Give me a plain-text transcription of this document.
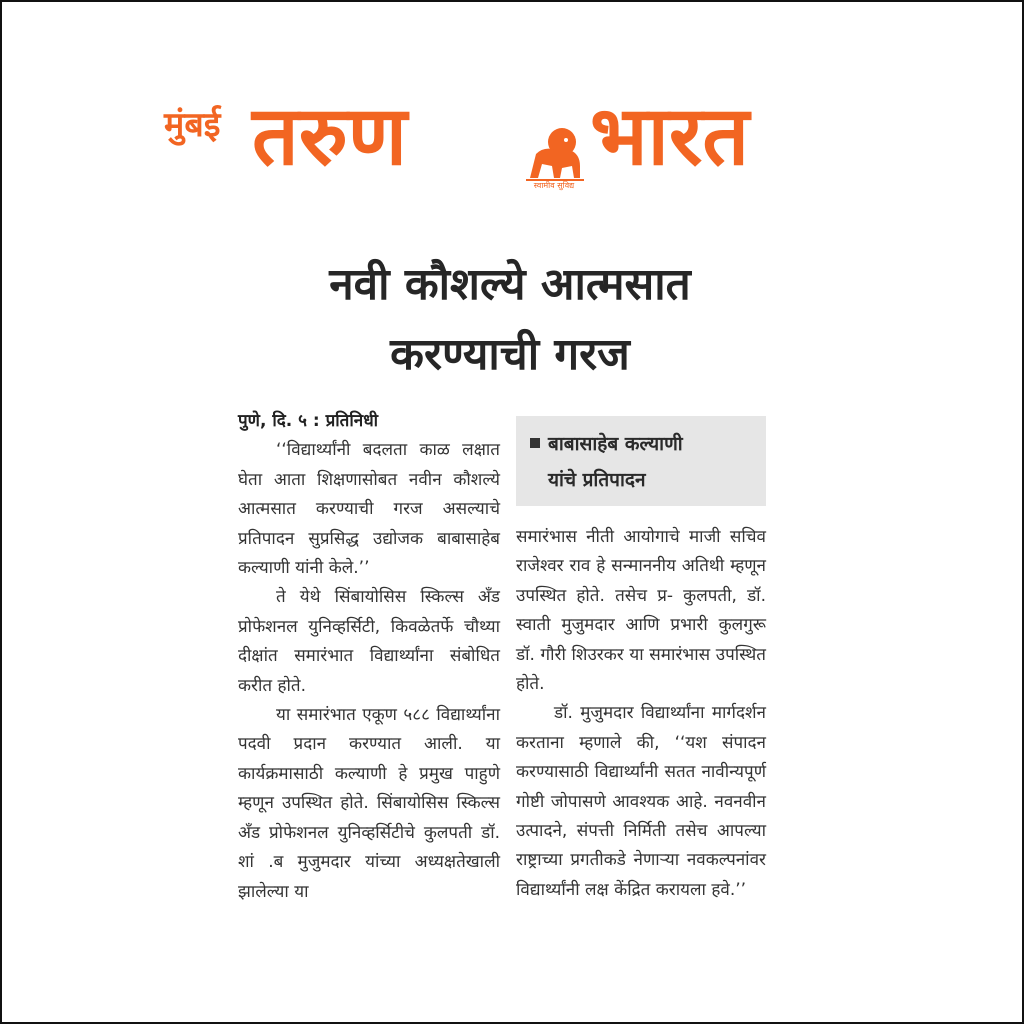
मुंबई तरुण
स्वामीव सुविद्य
भारत
नवी कौशल्ये आत्मसात
करण्याची गरज
बाबासाहेब कल्याणी
यांचे प्रतिपादन

पुणे, दि. ५ : प्रतिनिधी

‘‘विद्यार्थ्यांनी बदलता काळ लक्षात घेता आता शिक्षणासोबत नवीन कौशल्ये आत्मसात करण्याची गरज असल्याचे प्रतिपादन सुप्रसिद्ध उद्योजक बाबासाहेब कल्याणी यांनी केले.’’

ते येथे सिंबायोसिस स्किल्स अँड प्रोफेशनल युनिव्हर्सिटी, किवळेतर्फे चौथ्या दीक्षांत समारंभात विद्यार्थ्यांना संबोधित करीत होते.

या समारंभात एकूण ५८८ विद्यार्थ्यांना पदवी प्रदान करण्यात आली. या कार्यक्रमासाठी कल्याणी हे प्रमुख पाहुणे म्हणून उपस्थित होते. सिंबायोसिस स्किल्स अँड प्रोफेशनल युनिव्हर्सिटीचे कुलपती डॉ. शां .ब मुजुमदार यांच्या अध्यक्षतेखाली झालेल्या या

समारंभास नीती आयोगाचे माजी सचिव राजेश्वर राव हे सन्माननीय अतिथी म्हणून उपस्थित होते. तसेच प्र- कुलपती, डॉ. स्वाती मुजुमदार आणि प्रभारी कुलगुरू डॉ. गौरी शिउरकर या समारंभास उपस्थित होते.

डॉ. मुजुमदार विद्यार्थ्यांना मार्गदर्शन करताना म्हणाले की, ‘‘यश संपादन करण्यासाठी विद्यार्थ्यांनी सतत नावीन्यपूर्ण गोष्टी जोपासणे आवश्यक आहे. नवनवीन उत्पादने, संपत्ती निर्मिती तसेच आपल्या राष्ट्राच्या प्रगतीकडे नेणाऱ्या नवकल्पनांवर विद्यार्थ्यांनी लक्ष केंद्रित करायला हवे.’’
